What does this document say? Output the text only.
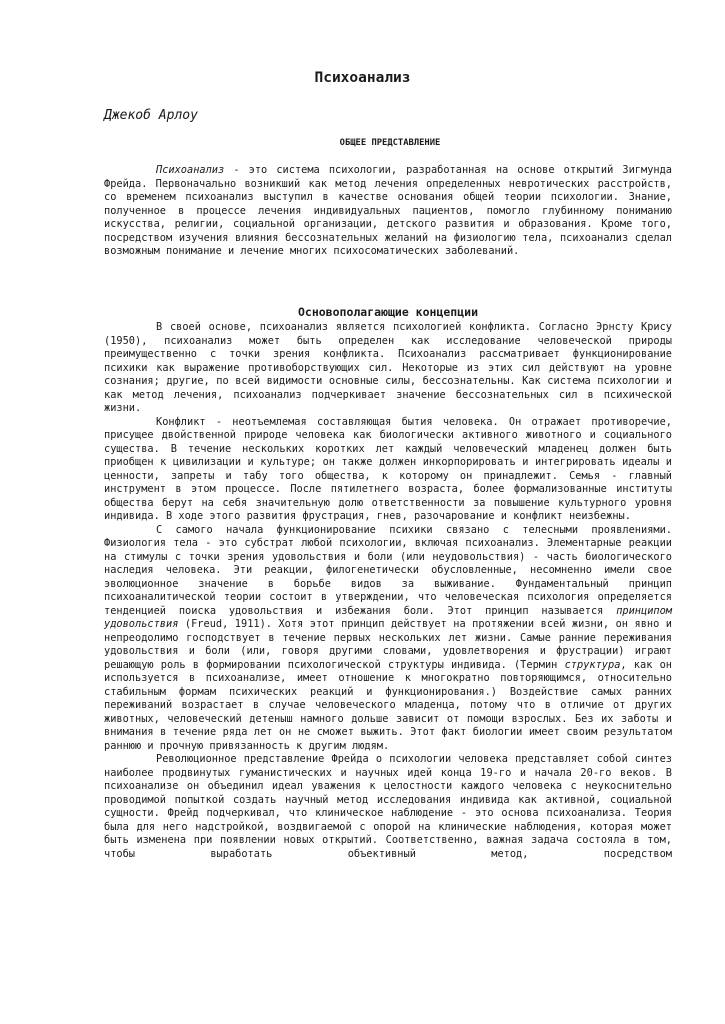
Психоанализ
Джекоб Арлоу
ОБЩЕЕ ПРЕДСТАВЛЕНИЕ

Психоанализ - это система психологии, разработанная на основе открытий Зигмунда Фрейда. Первоначально возникший как метод лечения определенных невротических расстройств, со временем психоанализ выступил в качестве основания общей теории психологии. Знание, полученное в процессе лечения индивидуальных пациентов, помогло глубинному пониманию искусства, религии, социальной организации, детского развития и образования. Кроме того, посредством изучения влияния бессознательных желаний на физиологию тела, психоанализ сделал возможным понимание и лечение многих психосоматических заболеваний.

Основополагающие концепции

В своей основе, психоанализ является психологией конфликта. Согласно Эрнсту Крису (1950), психоанализ может быть определен как исследование человеческой природы преимущественно с точки зрения конфликта. Психоанализ рассматривает функционирование психики как выражение противоборствующих сил. Некоторые из этих сил действуют на уровне сознания; другие, по всей видимости основные силы, бессознательны. Как система психологии и как метод лечения, психоанализ подчеркивает значение бессознательных сил в психической жизни.

Конфликт - неотъемлемая составляющая бытия человека. Он отражает противоречие, присущее двойственной природе человека как биологически активного животного и социального существа. В течение нескольких коротких лет каждый человеческий младенец должен быть приобщен к цивилизации и культуре; он также должен инкорпорировать и интегрировать идеалы и ценности, запреты и табу того общества, к которому он принадлежит. Семья - главный инструмент в этом процессе. После пятилетнего возраста, более формализованные институты общества берут на себя значительную долю ответственности за повышение культурного уровня индивида. В ходе этого развития фрустрация, гнев, разочарование и конфликт неизбежны.

С самого начала функционирование психики связано с телесными проявлениями. Физиология тела - это субстрат любой психологии, включая психоанализ. Элементарные реакции на стимулы с точки зрения удовольствия и боли (или неудовольствия) - часть биологического наследия человека. Эти реакции, филогенетически обусловленные, несомненно имели свое эволюционное значение в борьбе видов за выживание. Фундаментальный принцип психоаналитической теории состоит в утверждении, что человеческая психология определяется тенденцией поиска удовольствия и избежания боли. Этот принцип называется принципом удовольствия (Freud, 1911). Хотя этот принцип действует на протяжении всей жизни, он явно и непреодолимо господствует в течение первых нескольких лет жизни. Самые ранние переживания удовольствия и боли (или, говоря другими словами, удовлетворения и фрустрации) играют решающую роль в формировании психологической структуры индивида. (Термин структура, как он используется в психоанализе, имеет отношение к многократно повторяющимся, относительно стабильным формам психических реакций и функционирования.) Воздействие самых ранних переживаний возрастает в случае человеческого младенца, потому что в отличие от других животных, человеческий детеныш намного дольше зависит от помощи взрослых. Без их заботы и внимания в течение ряда лет он не сможет выжить. Этот факт биологии имеет своим результатом раннюю и прочную привязанность к другим людям.

Революционное представление Фрейда о психологии человека представляет собой синтез наиболее продвинутых гуманистических и научных идей конца 19-го и начала 20-го веков. В психоанализе он объединил идеал уважения к целостности каждого человека с неукоснительно проводимой попыткой создать научный метод исследования индивида как активной, социальной сущности. Фрейд подчеркивал, что клиническое наблюдение - это основа психоанализа. Теория была для него надстройкой, воздвигаемой с опорой на клинические наблюдения, которая может быть изменена при появлении новых открытий. Соответственно, важная задача состояла в том, чтобы выработать объективный метод, посредством
